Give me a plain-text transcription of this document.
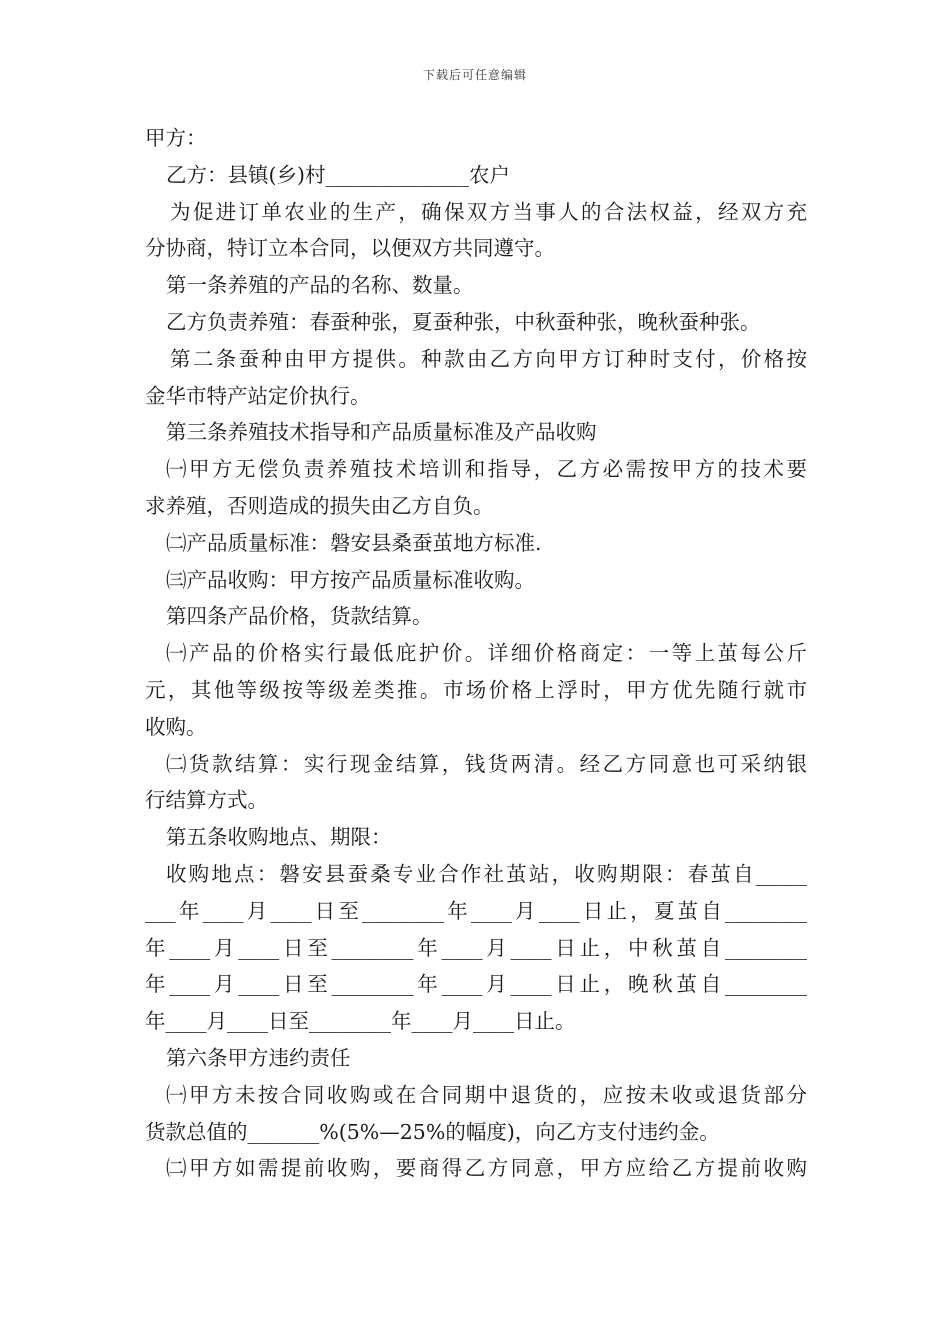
下载后可任意编辑
甲方：
乙方：县镇(乡)村______________农户
为促进订单农业的生产，确保双方当事人的合法权益，经双方充
分协商，特订立本合同，以便双方共同遵守。
第一条养殖的产品的名称、数量。
乙方负责养殖：春蚕种张，夏蚕种张，中秋蚕种张，晚秋蚕种张。
第二条蚕种由甲方提供。种款由乙方向甲方订种时支付，价格按
金华市特产站定价执行。
第三条养殖技术指导和产品质量标准及产品收购
㈠甲方无偿负责养殖技术培训和指导，乙方必需按甲方的技术要
求养殖，否则造成的损失由乙方自负。
㈡产品质量标准：磐安县桑蚕茧地方标准.
㈢产品收购：甲方按产品质量标准收购。
第四条产品价格，货款结算。
㈠产品的价格实行最低庇护价。详细价格商定：一等上茧每公斤
元，其他等级按等级差类推。市场价格上浮时，甲方优先随行就市
收购。
㈡货款结算：实行现金结算，钱货两清。经乙方同意也可采纳银
行结算方式。
第五条收购地点、期限：
收购地点：磐安县蚕桑专业合作社茧站，收购期限：春茧自_____
___年____月____日至________年____月____日止，夏茧自________
年____月____日至________年____月____日止，中秋茧自________
年____月____日至________年____月____日止，晚秋茧自________
年____月____日至________年____月____日止。
第六条甲方违约责任
㈠甲方未按合同收购或在合同期中退货的，应按未收或退货部分
货款总值的_______%(5%—25%的幅度)，向乙方支付违约金。
㈡甲方如需提前收购，要商得乙方同意，甲方应给乙方提前收购
